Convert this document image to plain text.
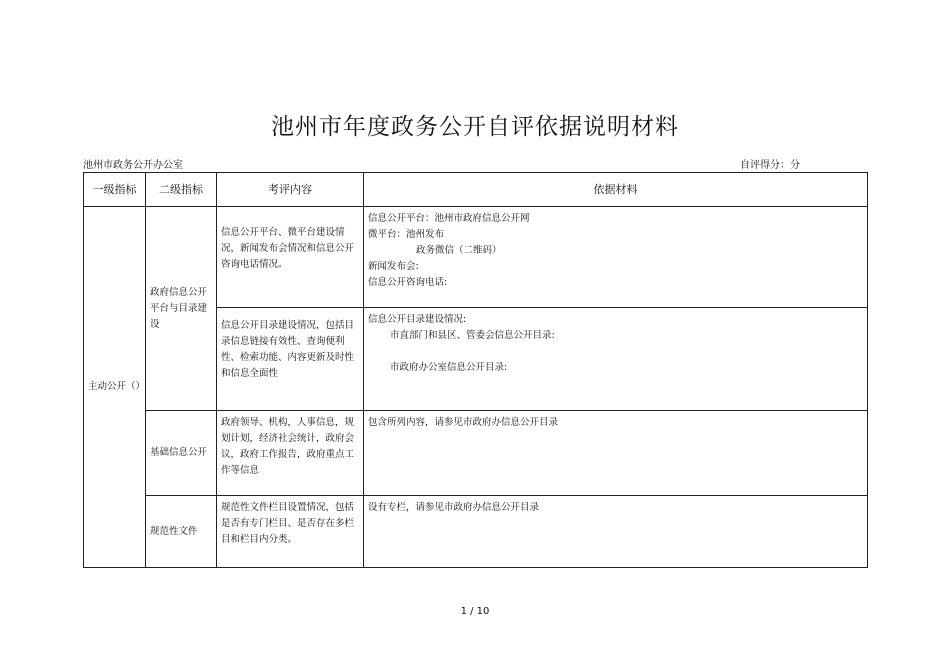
池州市年度政务公开自评依据说明材料
池州市政务公开办公室	自评得分：分
一级指标	二级指标	考评内容	依据材料
主动公开（）	政府信息公开平台与目录建设	信息公开平台、微平台建设情况，新闻发布会情况和信息公开咨询电话情况。	信息公开平台：池州市政府信息公开网
微平台：池州发布
政务微信（二维码）
新闻发布会:
信息公开咨询电话:

		信息公开目录建设情况，包括目录信息链接有效性、查询便利性、检索功能、内容更新及时性和信息全面性	信息公开目录建设情况:
市直部门和县区、管委会信息公开目录:
市政府办公室信息公开目录:

	基础信息公开	政府领导、机构，人事信息，规划计划，经济社会统计，政府会议，政府工作报告，政府重点工作等信息	包含所列内容，请参见市政府办信息公开目录
	规范性文件	规范性文件栏目设置情况，包括是否有专门栏目、是否存在多栏目和栏目内分类。	设有专栏，请参见市政府办信息公开目录
1 / 10
